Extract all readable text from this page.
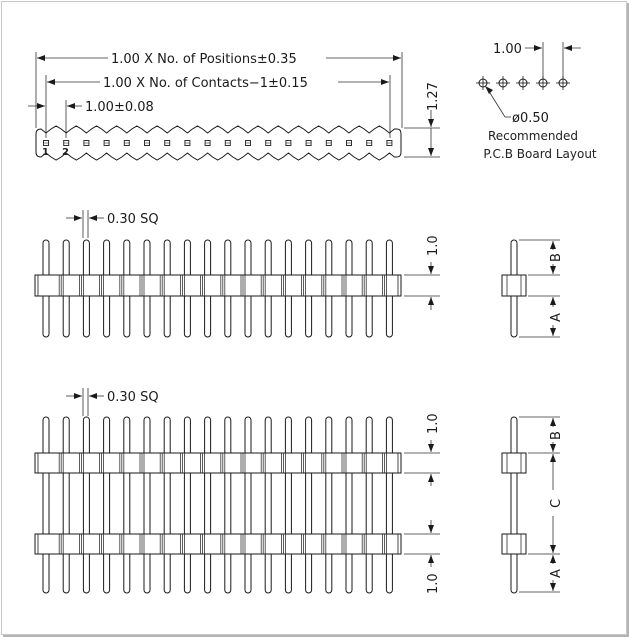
1.00 X No. of Positions±0.35
1.00 X No. of Contacts−1±0.15
1.00±0.08
1 2
1.27
1.00
ø0.50
Recommended
P.C.B Board Layout
0.30 SQ
1.0
B
A
0.30 SQ
1.0
1.0
B
C
A
